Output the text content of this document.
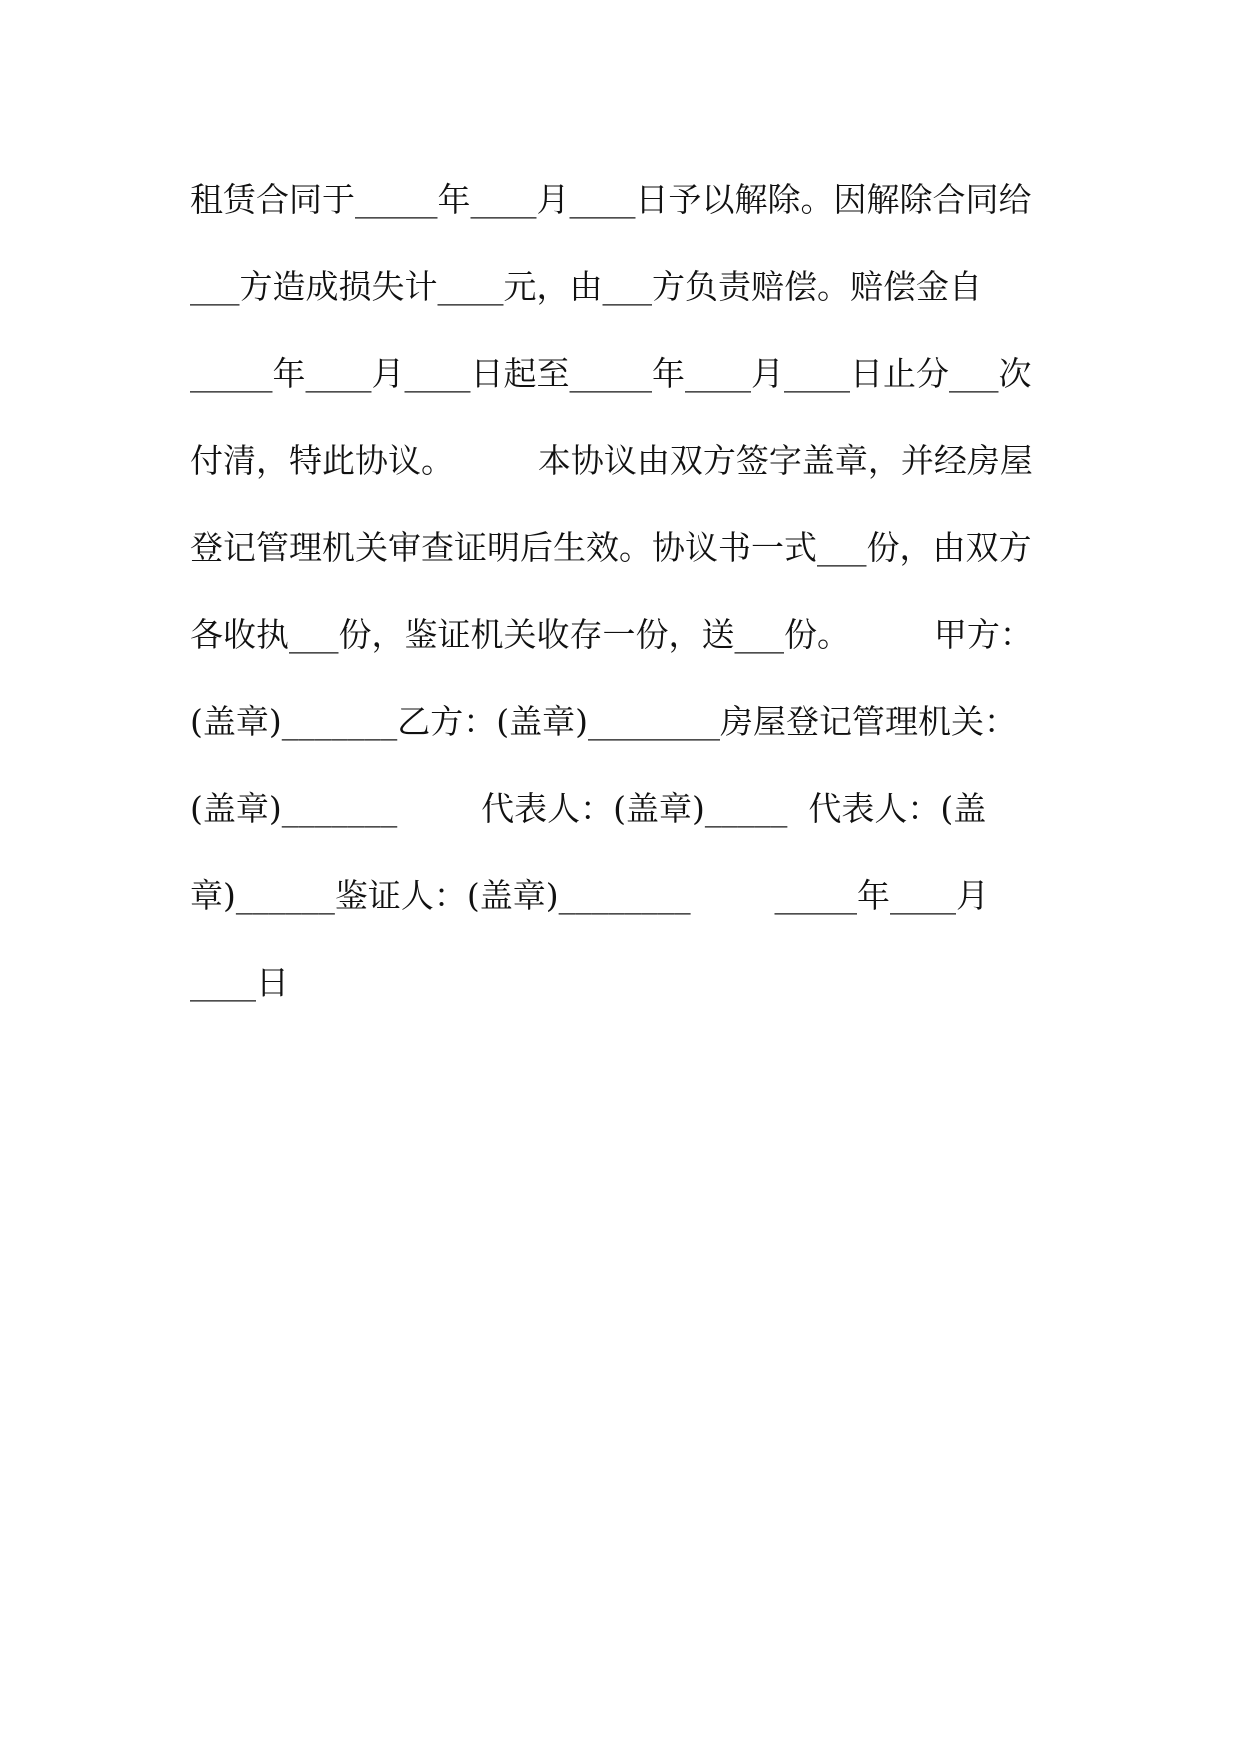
租赁合同于_____年____月____日予以解除。因解除合同给
___方造成损失计____元，由___方负责赔偿。赔偿金自
_____年____月____日起至_____年____月____日止分___次
付清，特此协议。        本协议由双方签字盖章，并经房屋
登记管理机关审查证明后生效。协议书一式___份，由双方
各收执___份，鉴证机关收存一份，送___份。        甲方：
(盖章)_______乙方：(盖章)________房屋登记管理机关：
(盖章)_______        代表人：(盖章)_____  代表人：(盖
章)______鉴证人：(盖章)________        _____年____月
____日
